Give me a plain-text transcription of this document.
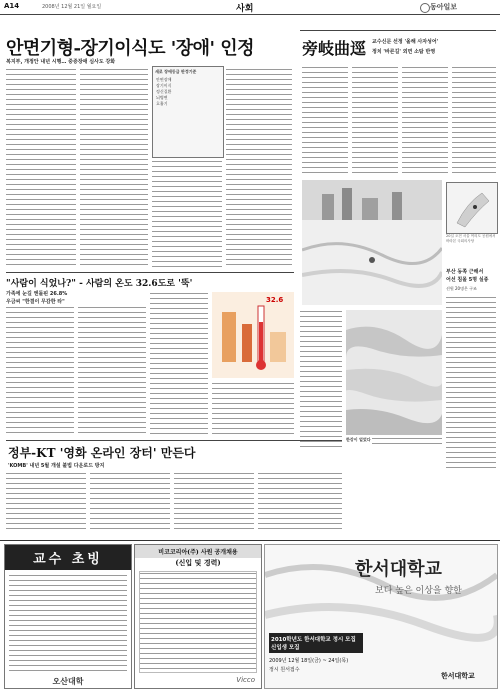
A14	2008년 12월 21일 월요일	사회	동아일보
안면기형-장기이식도 '장애' 인정
복지부, 개정안 내년 시행… 중증장애 심사도 강화
새로 장애등급 판정기준
안면장애
장기이식
정신질환
뇌병변
호흡기
旁岐曲逕 교수신문 선정 '올해 사자성어'
정치 '바른길' 외면 소탐 반영
20일 오전 서울 여의도 공원에서 바라본 국회의사당
부산 동쪽 근해서
어선 침몰 5명 실종
선원 20명은 구조
한강이 얼었다
"사람이 식었나?" - 사람의 온도 32.6도로 '뚝'
가족에 눈길 엔돌핀 26.8%
우금씨 "한결이 무감한 타"	32.6
정부-KT '영화 온라인 장터' 만든다
'KOMB' 내년 5월 개설 불법 다운로드 방지
교수 초빙
오산대학
비코코리아(주) 사원 공개채용
(신입 및 경력)
Vicco
한서대학교
보다 높은 이상을 향한
2010학년도 한서대학교 정시 모집 신입생 모집
2009년 12월 18일(금) ~ 24일(목)
정시 원서접수
한서대학교
